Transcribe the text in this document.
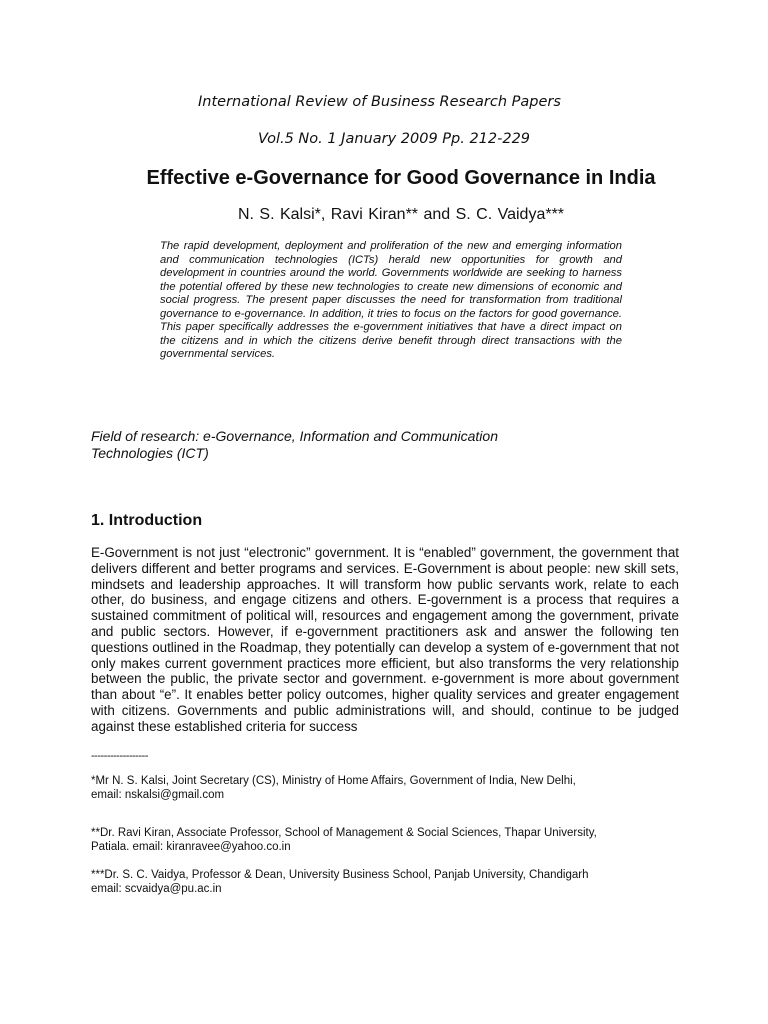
International Review of Business Research Papers

Vol.5 No. 1 January 2009 Pp. 212-229

Effective e-Governance for Good Governance in India

N. S. Kalsi*, Ravi Kiran** and S. C. Vaidya***

The rapid development, deployment and proliferation of the new and emerging information and communication technologies (ICTs) herald new opportunities for growth and development in countries around the world. Governments worldwide are seeking to harness the potential offered by these new technologies to create new dimensions of economic and social progress. The present paper discusses the need for transformation from traditional governance to e-governance. In addition, it tries to focus on the factors for good governance. This paper specifically addresses the e-government initiatives that have a direct impact on the citizens and in which the citizens derive benefit through direct transactions with the governmental services.

Field of research: e-Governance, Information and Communication Technologies (ICT)

1. Introduction

E-Government is not just “electronic” government. It is “enabled” government, the government that delivers different and better programs and services. E-Government is about people: new skill sets, mindsets and leadership approaches. It will transform how public servants work, relate to each other, do business, and engage citizens and others. E-government is a process that requires a sustained commitment of political will, resources and engagement among the government, private and public sectors. However, if e-government practitioners ask and answer the following ten questions outlined in the Roadmap, they potentially can develop a system of e-government that not only makes current government practices more efficient, but also transforms the very relationship between the public, the private sector and government. e-government is more about government than about “e”. It enables better policy outcomes, higher quality services and greater engagement with citizens. Governments and public administrations will, and should, continue to be judged against these established criteria for success

------------------

*Mr N. S. Kalsi, Joint Secretary (CS), Ministry of Home Affairs, Government of India, New Delhi,
email: nskalsi@gmail.com
**Dr. Ravi Kiran, Associate Professor, School of Management & Social Sciences, Thapar University,
Patiala. email: kiranravee@yahoo.co.in
***Dr. S. C. Vaidya, Professor & Dean, University Business School, Panjab University, Chandigarh
email: scvaidya@pu.ac.in
